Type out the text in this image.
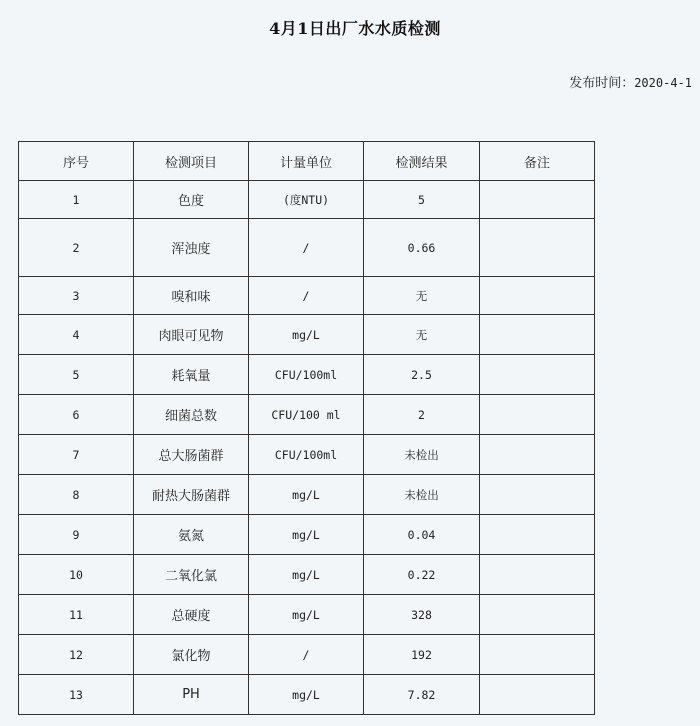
4月1日出厂水水质检测
发布时间：2020-4-1
序号	检测项目	计量单位	检测结果	备注
1	色度	(度NTU)	5	
2	浑浊度	/	0.66	
3	嗅和味	/	无	
4	肉眼可见物	mg/L	无	
5	耗氧量	CFU/100ml	2.5	
6	细菌总数	CFU/100 ml	2	
7	总大肠菌群	CFU/100ml	未检出	
8	耐热大肠菌群	mg/L	未检出	
9	氨氮	mg/L	0.04	
10	二氧化氯	mg/L	0.22	
11	总硬度	mg/L	328	
12	氯化物	/	192	
13	PH	mg/L	7.82	
